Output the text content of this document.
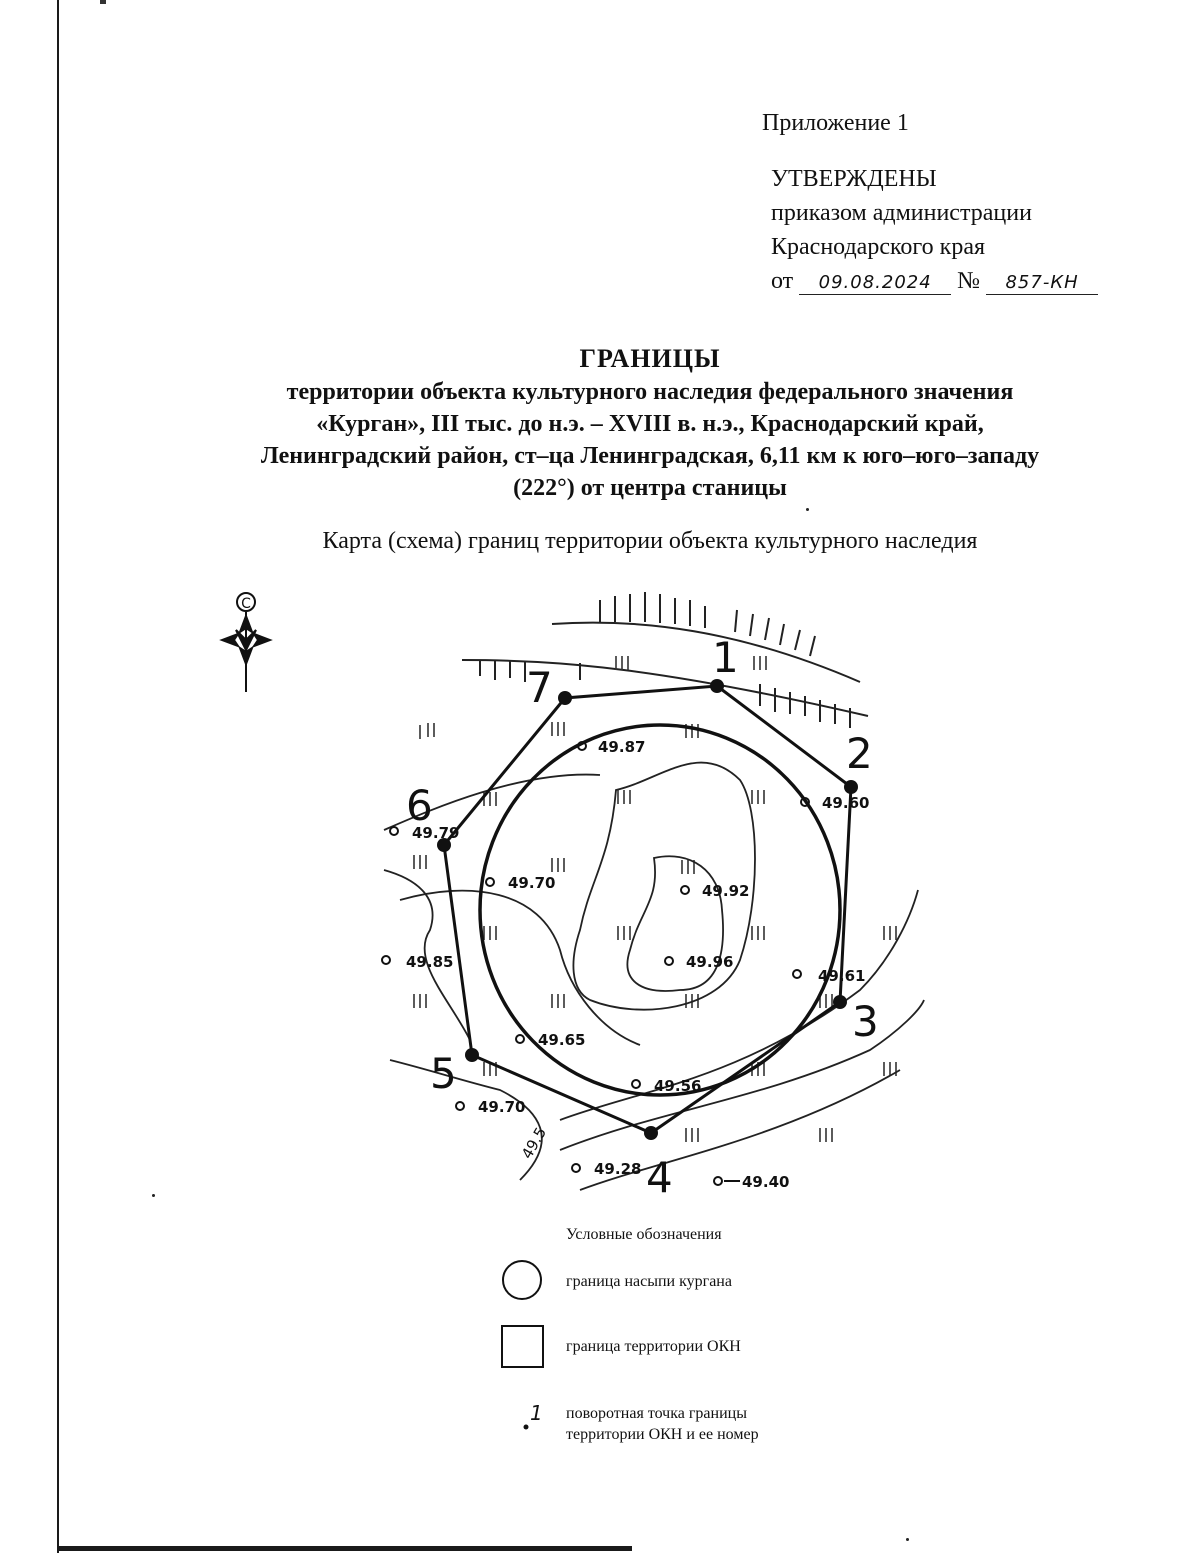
Приложение 1
УТВЕРЖДЕНЫ
приказом администрации
Краснодарского края
от 09.08.2024 № 857-КН
ГРАНИЦЫ
территории объекта культурного наследия федерального значения
«Курган», III тыс. до н.э. – XVIII в. н.э., Краснодарский край,
Ленинградский район, ст–ца Ленинградская, 6,11 км к юго–юго–западу
(222°) от центра станицы
Карта (схема) границ территории объекта культурного наследия
С
1
2
3
4
5
6
7
49.87
49.60
49.79
49.70	49.92
49.85	49.96
49.61
49.65
49.56
49.70
49.28
49.40
49.5
1
Условные обозначения
граница насыпи кургана
граница территории ОКН
поворотная точка границы
территории ОКН и ее номер
